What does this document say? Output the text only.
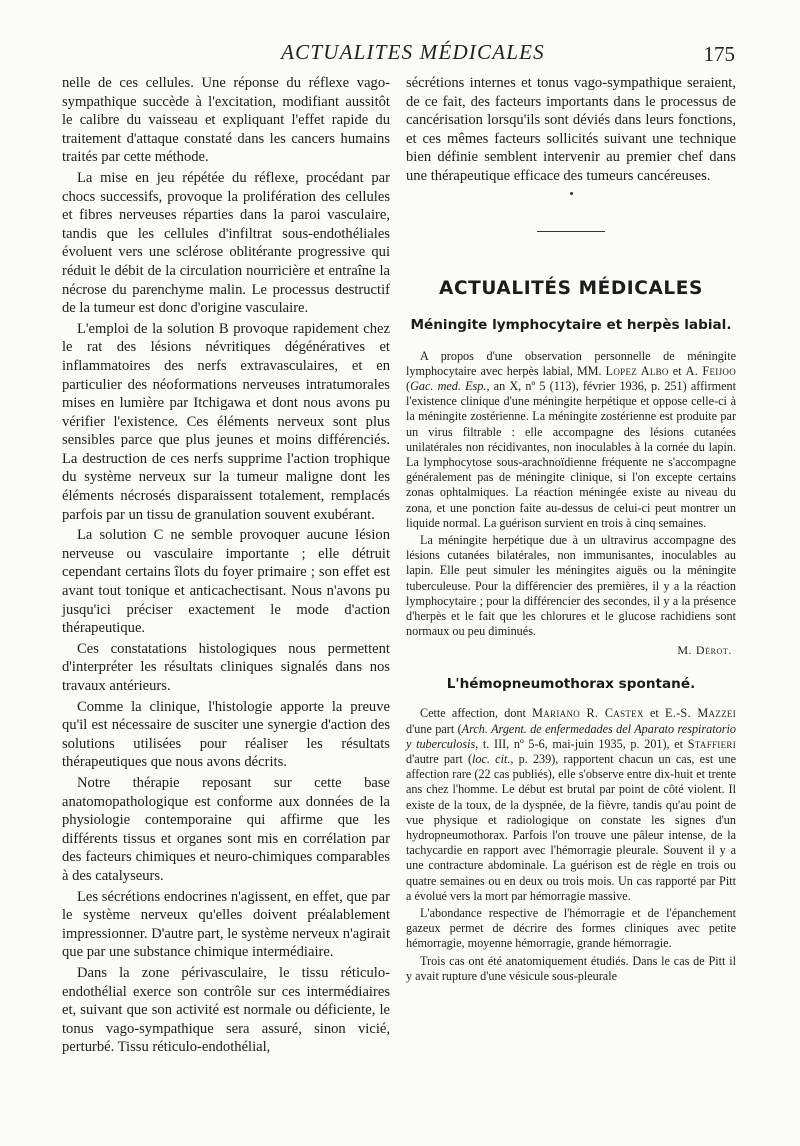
ACTUALITES MÉDICALES	175

nelle de ces cellules. Une réponse du réflexe vago-sympathique succède à l'excitation, modifiant aussitôt le calibre du vaisseau et expliquant l'effet rapide du traitement d'attaque constaté dans les cancers humains traités par cette méthode.

La mise en jeu répétée du réflexe, procédant par chocs successifs, provoque la prolifération des cellules et fibres nerveuses réparties dans la paroi vasculaire, tandis que les cellules d'infiltrat sous-endothéliales évoluent vers une sclérose oblitérante progressive qui réduit le débit de la circulation nourricière et entraîne la nécrose du parenchyme malin. Le processus destructif de la tumeur est donc d'origine vasculaire.

L'emploi de la solution B provoque rapidement chez le rat des lésions névritiques dégénératives et inflammatoires des nerfs extravasculaires, et en particulier des néoformations nerveuses intratumorales mises en lumière par Itchigawa et dont nous avons pu vérifier l'existence. Ces éléments nerveux sont plus sensibles parce que plus jeunes et moins différenciés. La destruction de ces nerfs supprime l'action trophique du système nerveux sur la tumeur maligne dont les éléments nécrosés disparaissent totalement, remplacés parfois par un tissu de granulation souvent exubérant.

La solution C ne semble provoquer aucune lésion nerveuse ou vasculaire importante ; elle détruit cependant certains îlots du foyer primaire ; son effet est avant tout tonique et anticachectisant. Nous n'avons pu jusqu'ici préciser exactement le mode d'action thérapeutique.

Ces constatations histologiques nous permettent d'interpréter les résultats cliniques signalés dans nos travaux antérieurs.

Comme la clinique, l'histologie apporte la preuve qu'il est nécessaire de susciter une synergie d'action des solutions utilisées pour réaliser les résultats thérapeutiques que nous avons décrits.

Notre thérapie reposant sur cette base anatomopathologique est conforme aux données de la physiologie contemporaine qui affirme que les différents tissus et organes sont mis en corrélation par des facteurs chimiques et neuro-chimiques comparables à des catalyseurs.

Les sécrétions endocrines n'agissent, en effet, que par le système nerveux qu'elles doivent préalablement impressionner. D'autre part, le système nerveux n'agirait que par une substance chimique intermédiaire.

Dans la zone périvasculaire, le tissu réticulo-endothélial exerce son contrôle sur ces intermédiaires et, suivant que son activité est normale ou déficiente, le tonus vago-sympathique sera assuré, sinon vicié, perturbé. Tissu réticulo-endothélial,

sécrétions internes et tonus vago-sympathique seraient, de ce fait, des facteurs importants dans le processus de cancérisation lorsqu'ils sont déviés dans leurs fonctions, et ces mêmes facteurs sollicités suivant une technique bien définie semblent intervenir au premier chef dans une thérapeutique efficace des tumeurs cancéreuses.

ACTUALITÉS MÉDICALES
Méningite lymphocytaire et herpès labial.

A propos d'une observation personnelle de méningite lymphocytaire avec herpès labial, MM. Lopez Albo et A. Feijoo (Gac. med. Esp., an X, nº 5 (113), février 1936, p. 251) affirment l'existence clinique d'une méningite herpétique et oppose celle-ci à la méningite zostérienne. La méningite zostérienne est produite par un virus filtrable : elle accompagne des lésions cutanées unilatérales non récidivantes, non inoculables à la cornée du lapin. La lymphocytose sous-arachnoïdienne fréquente ne s'accompagne généralement pas de méningite clinique, si l'on excepte certains zonas ophtalmiques. La réaction méningée existe au niveau du zona, et une ponction faite au-dessus de celui-ci peut montrer un liquide normal. La guérison survient en trois à cinq semaines.

La méningite herpétique due à un ultravirus accompagne des lésions cutanées bilatérales, non immunisantes, inoculables au lapin. Elle peut simuler les méningites aiguës ou la méningite tuberculeuse. Pour la différencier des premières, il y a la réaction lymphocytaire ; pour la différencier des secondes, il y a la présence d'herpès et le fait que les chlorures et le glucose rachidiens sont normaux ou peu diminués.

M. Dérot.
L'hémopneumothorax spontané.

Cette affection, dont Mariano R. Castex et E.-S. Mazzei d'une part (Arch. Argent. de enfermedades del Aparato respiratorio y tuberculosis, t. III, nº 5-6, mai-juin 1935, p. 201), et Staffieri d'autre part (loc. cit., p. 239), rapportent chacun un cas, est une affection rare (22 cas publiés), elle s'observe entre dix-huit et trente ans chez l'homme. Le début est brutal par point de côté violent. Il existe de la toux, de la dyspnée, de la fièvre, tandis qu'au point de vue physique et radiologique on constate les signes d'un hydropneumothorax. Parfois l'on trouve une pâleur intense, de la tachycardie en rapport avec l'hémorragie pleurale. Souvent il y a une contracture abdominale. La guérison est de règle en trois ou quatre semaines ou en deux ou trois mois. Un cas rapporté par Pitt a évolué vers la mort par hémorragie massive.

L'abondance respective de l'hémorragie et de l'épanchement gazeux permet de décrire des formes cliniques avec petite hémorragie, moyenne hémorragie, grande hémorragie.

Trois cas ont été anatomiquement étudiés. Dans le cas de Pitt il y avait rupture d'une vésicule sous-pleurale
